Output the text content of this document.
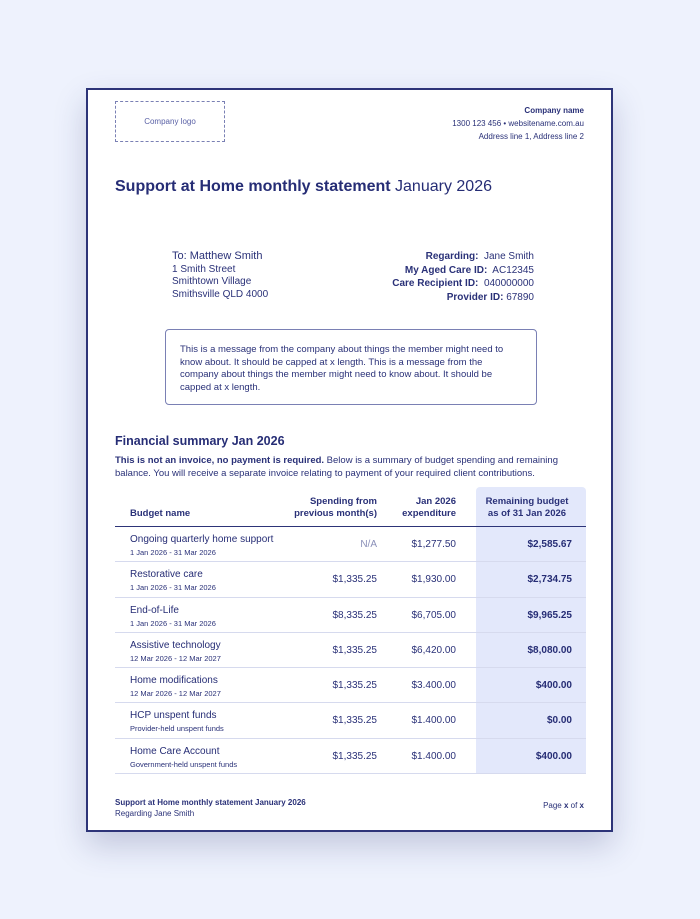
Company logo
Company name
1300 123 456 • websitename.com.au
Address line 1, Address line 2
Support at Home monthly statement January 2026
To: Matthew Smith
1 Smith Street
Smithtown Village
Smithsville QLD 4000
Regarding: Jane Smith
My Aged Care ID: AC12345
Care Recipient ID: 040000000
Provider ID: 67890
This is a message from the company about things the member might need to know about. It should be capped at x length. This is a message from the company about things the member might need to know about. It should be capped at x length.
Financial summary Jan 2026
This is not an invoice, no payment is required. Below is a summary of budget spending and remaining balance. You will receive a separate invoice relating to payment of your required client contributions.
Budget name
Spending from
previous month(s)
Jan 2026
expenditure
Remaining budget
as of 31 Jan 2026
Ongoing quarterly home support
1 Jan 2026 - 31 Mar 2026
N/A	$1,277.50	$2,585.67
Restorative care
1 Jan 2026 - 31 Mar 2026
$1,335.25	$1,930.00	$2,734.75
End-of-Life
1 Jan 2026 - 31 Mar 2026
$8,335.25	$6,705.00	$9,965.25
Assistive technology
12 Mar 2026 - 12 Mar 2027
$1,335.25	$6,420.00	$8,080.00
Home modifications
12 Mar 2026 - 12 Mar 2027
$1,335.25	$3.400.00	$400.00
HCP unspent funds
Provider-held unspent funds
$1,335.25	$1.400.00	$0.00
Home Care Account
Government-held unspent funds
$1,335.25	$1.400.00	$400.00
Support at Home monthly statement January 2026
Regarding Jane Smith
Page x of x
